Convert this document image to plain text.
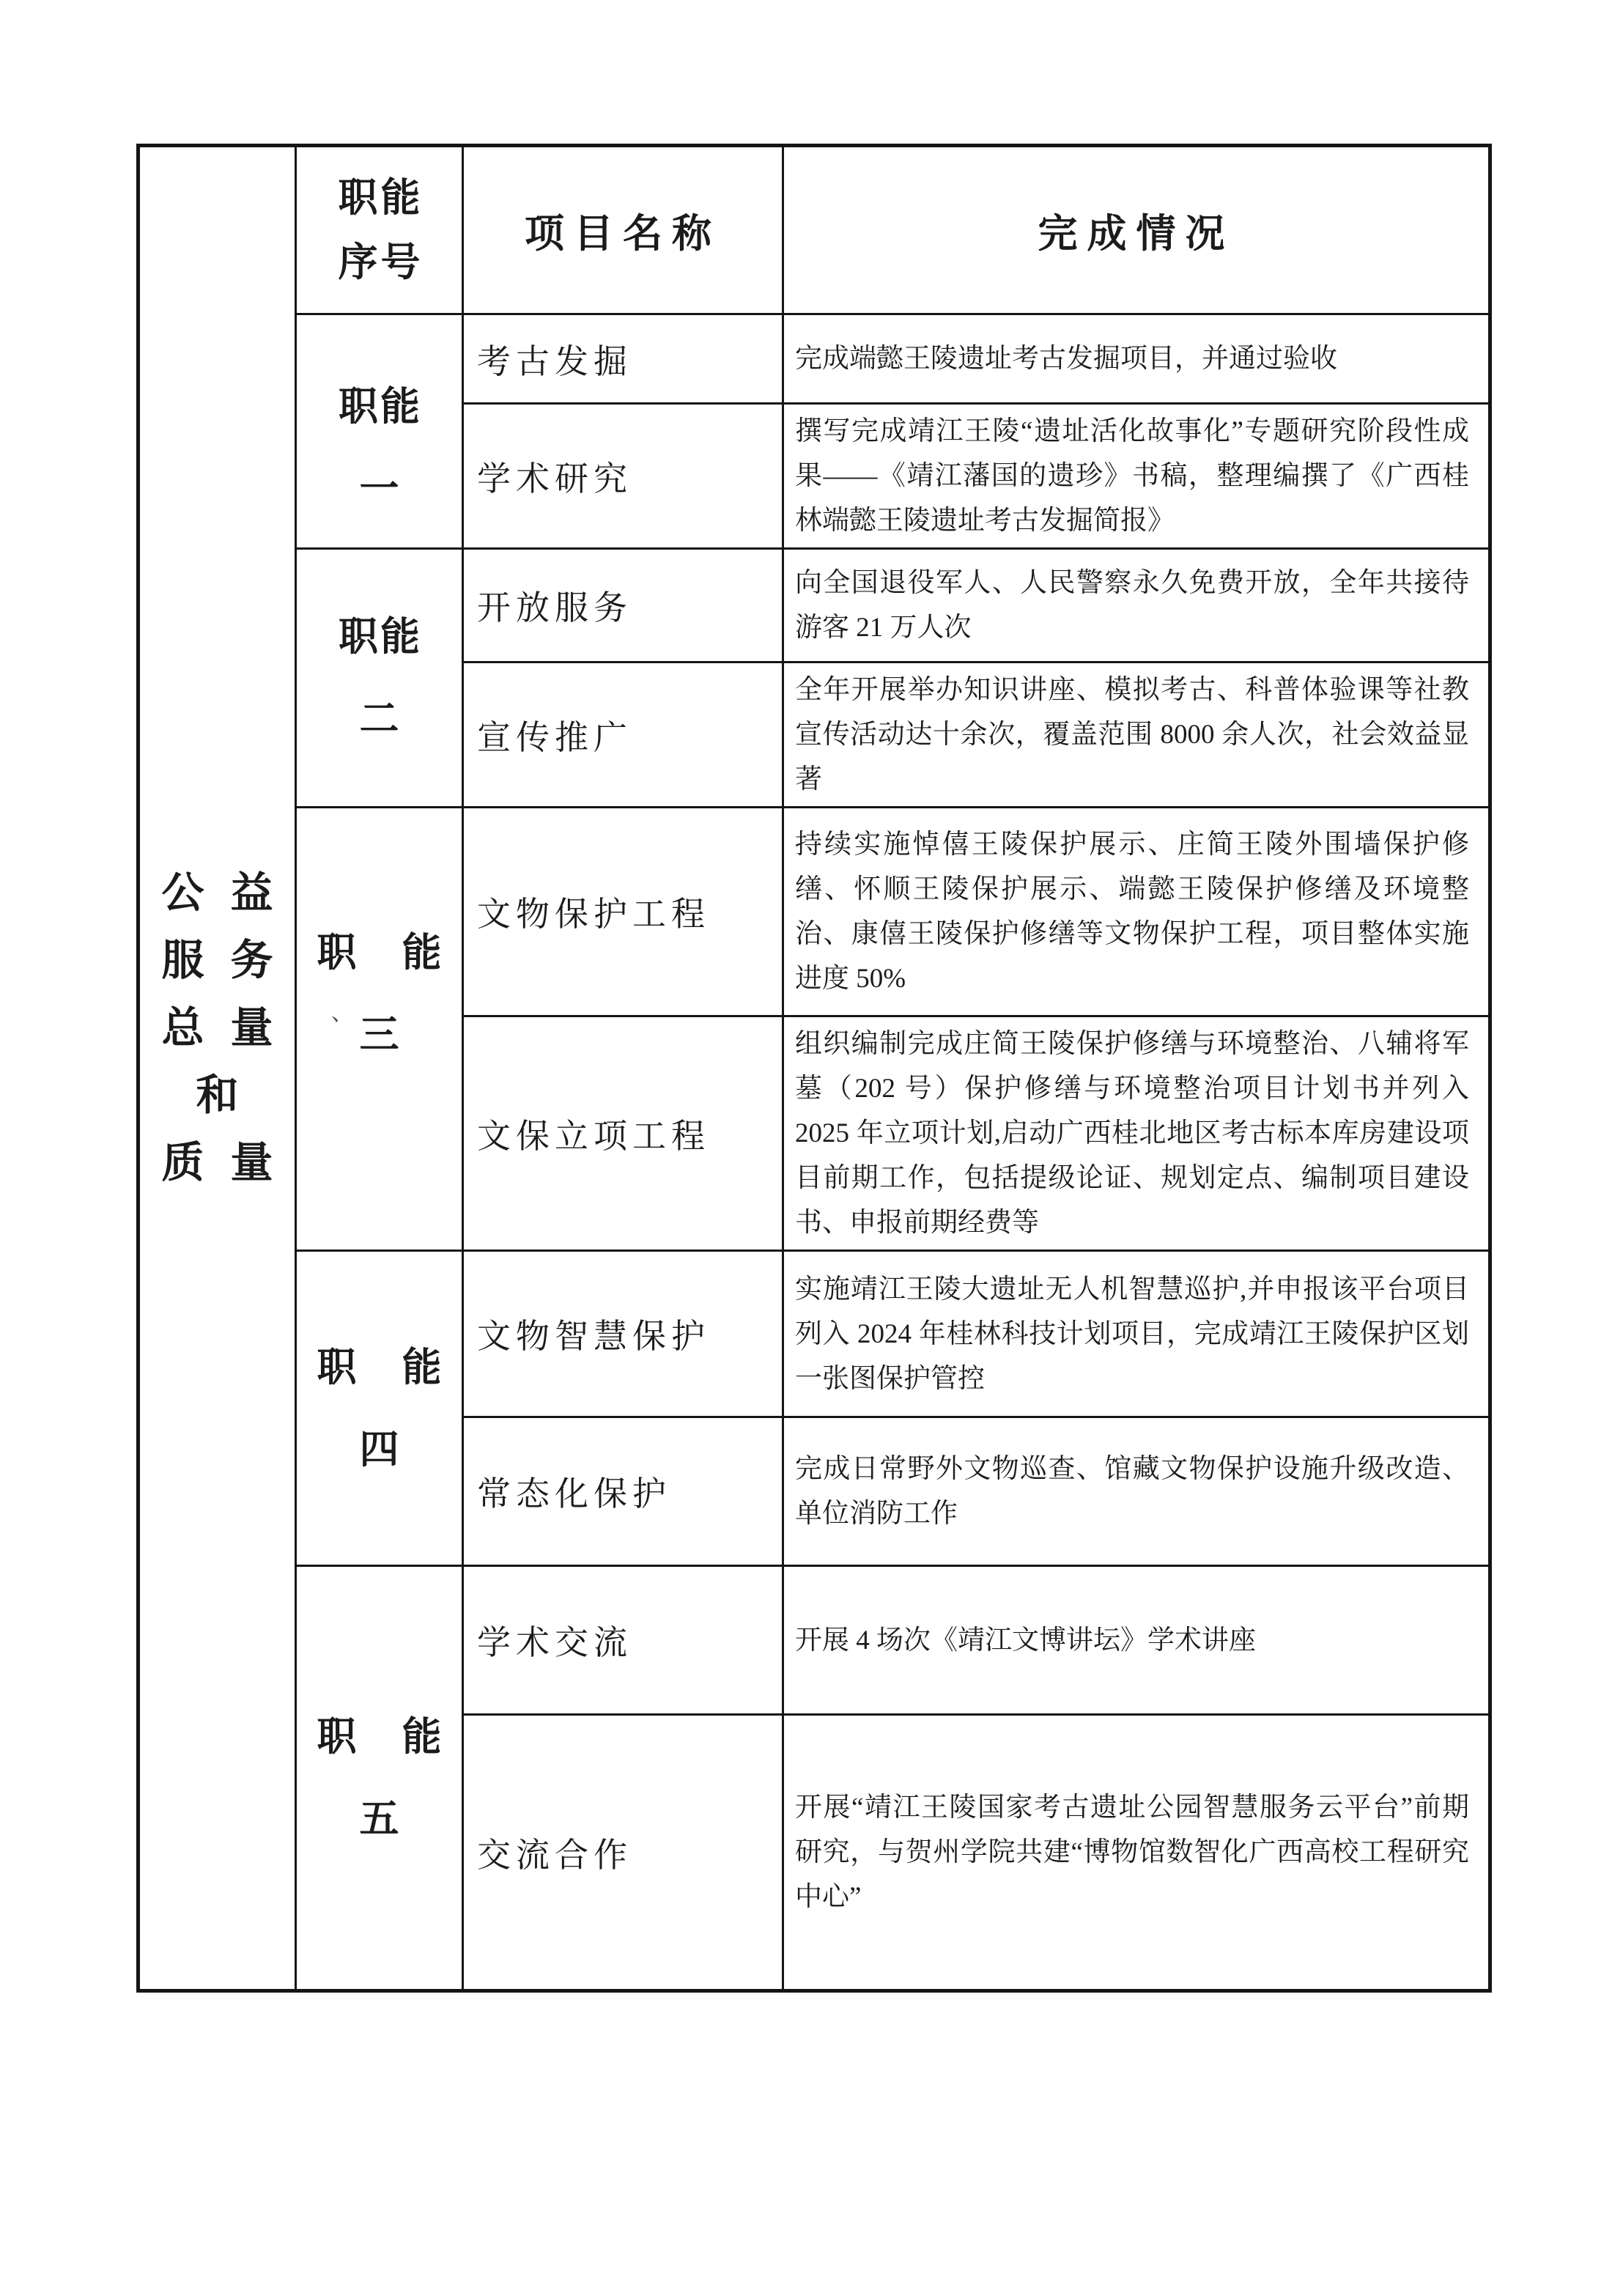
公益
服务
总量
和
质量

职能
序号
	项目名称	完成情况

	职能
一	考古发掘	完成端懿王陵遗址考古发掘项目，并通过验收

		学术研究	撰写完成靖江王陵“遗址活化故事化”专题研究阶段性成果——《靖江藩国的遗珍》书稿，整理编撰了《广西桂林端懿王陵遗址考古发掘简报》

	职能
二	开放服务	向全国退役军人、人民警察永久免费开放，全年共接待游客 21 万人次

		宣传推广	全年开展举办知识讲座、模拟考古、科普体验课等社教宣传活动达十余次，覆盖范围 8000 余人次，社会效益显著

	职能
三	文物保护工程	持续实施悼僖王陵保护展示、庄简王陵外围墙保护修缮、怀顺王陵保护展示、端懿王陵保护修缮及环境整治、康僖王陵保护修缮等文物保护工程，项目整体实施进度 50%

		文保立项工程	组织编制完成庄简王陵保护修缮与环境整治、八辅将军墓（202 号）保护修缮与环境整治项目计划书并列入 2025 年立项计划,启动广西桂北地区考古标本库房建设项目前期工作，包括提级论证、规划定点、编制项目建设书、申报前期经费等

	职能
四	文物智慧保护	实施靖江王陵大遗址无人机智慧巡护,并申报该平台项目列入 2024 年桂林科技计划项目，完成靖江王陵保护区划一张图保护管控

		常态化保护	完成日常野外文物巡查、馆藏文物保护设施升级改造、单位消防工作

	职能
五	学术交流	开展 4 场次《靖江文博讲坛》学术讲座

		交流合作	开展“靖江王陵国家考古遗址公园智慧服务云平台”前期研究，与贺州学院共建“博物馆数智化广西高校工程研究中心”
、
